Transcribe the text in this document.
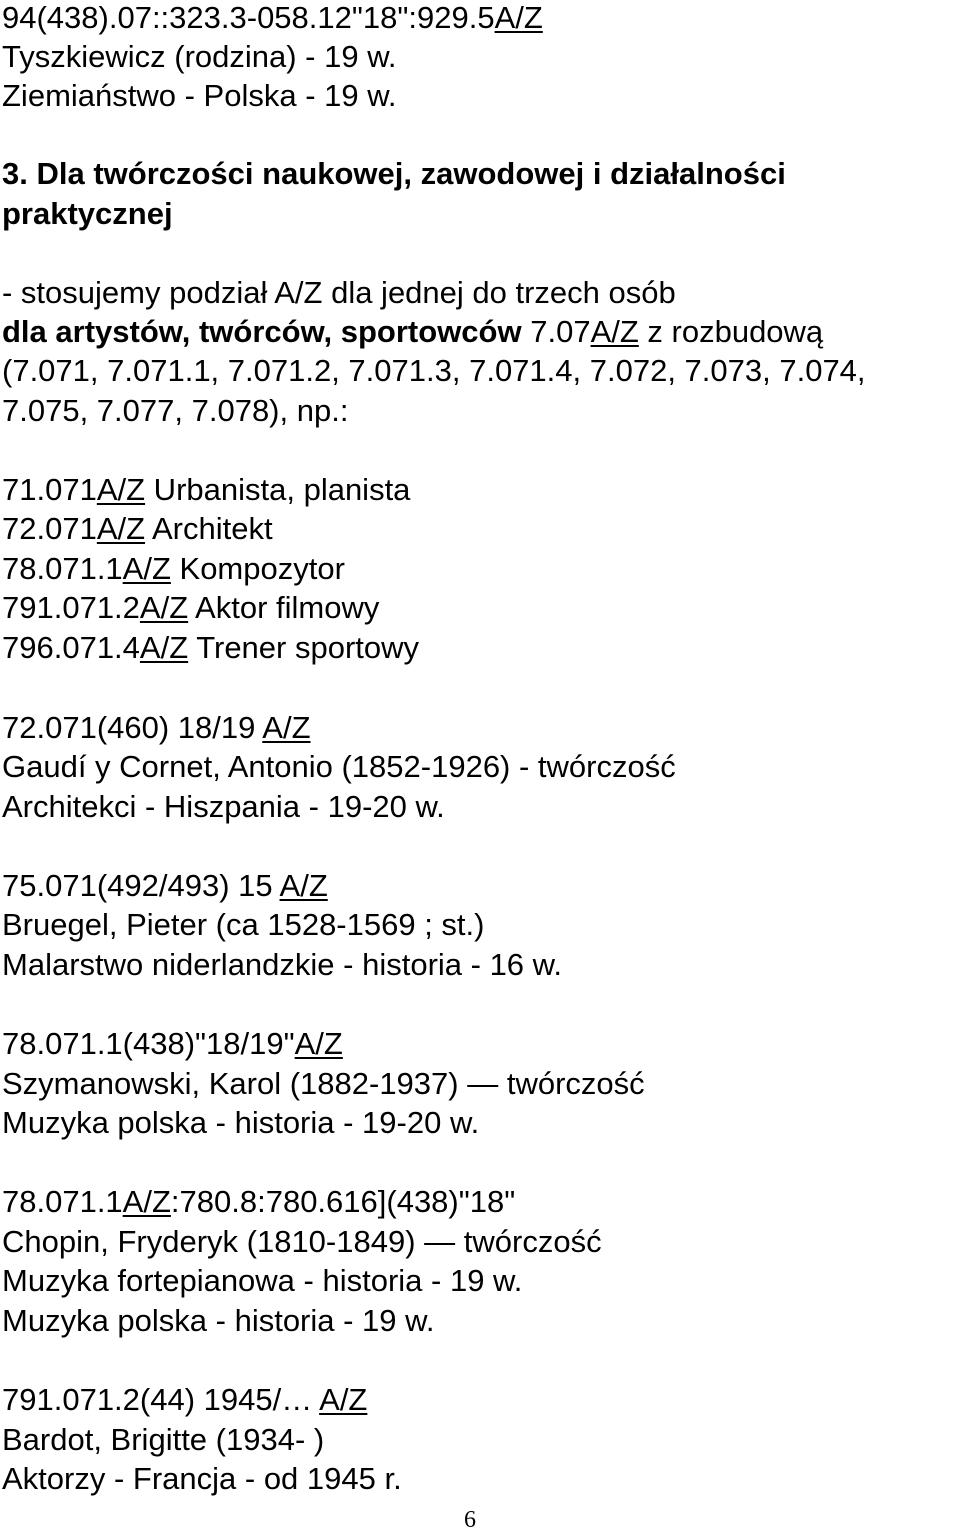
94(438).07::323.3-058.12"18":929.5A/Z
Tyszkiewicz (rodzina) - 19 w.
Ziemiaństwo - Polska - 19 w.
3. Dla twórczości naukowej, zawodowej i działalności
praktycznej
- stosujemy podział A/Z dla jednej do trzech osób
dla artystów, twórców, sportowców 7.07A/Z z rozbudową
(7.071, 7.071.1, 7.071.2, 7.071.3, 7.071.4, 7.072, 7.073, 7.074,
7.075, 7.077, 7.078), np.:
71.071A/Z Urbanista, planista
72.071A/Z Architekt
78.071.1A/Z Kompozytor
791.071.2A/Z Aktor filmowy
796.071.4A/Z Trener sportowy
72.071(460) 18/19 A/Z
Gaudí y Cornet, Antonio (1852-1926) - twórczość
Architekci - Hiszpania - 19-20 w.
75.071(492/493) 15 A/Z
Bruegel, Pieter (ca 1528-1569 ; st.)
Malarstwo niderlandzkie - historia - 16 w.
78.071.1(438)"18/19"A/Z
Szymanowski, Karol (1882-1937) — twórczość
Muzyka polska - historia - 19-20 w.
78.071.1A/Z:780.8:780.616](438)"18"
Chopin, Fryderyk (1810-1849) — twórczość
Muzyka fortepianowa - historia - 19 w.
Muzyka polska - historia - 19 w.
791.071.2(44) 1945/… A/Z
Bardot, Brigitte (1934- )
Aktorzy - Francja - od 1945 r.
6
